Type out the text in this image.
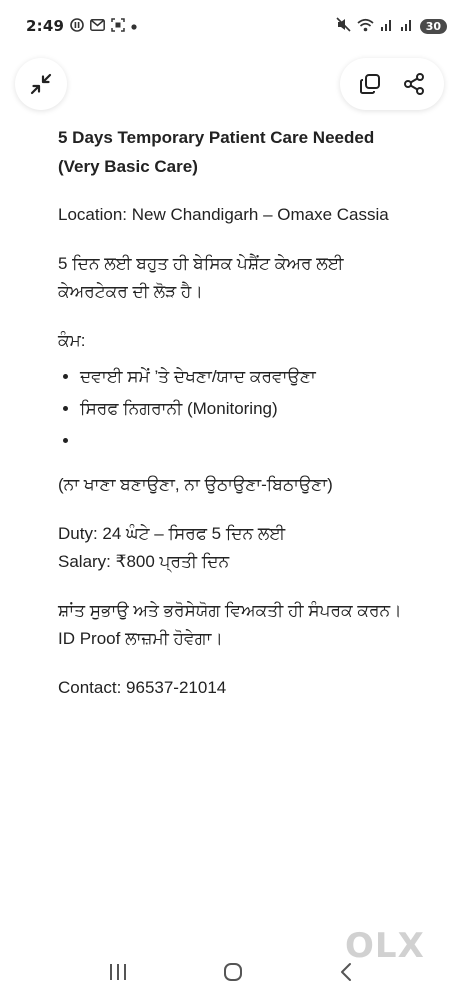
2:49	30

5 Days Temporary Patient Care Needed (Very Basic Care)

Location: New Chandigarh – Omaxe Cassia

5 ਦਿਨ ਲਈ ਬਹੁਤ ਹੀ ਬੇਸਿਕ ਪੇਸ਼ੈਂਟ ਕੇਅਰ ਲਈ ਕੇਅਰਟੇਕਰ ਦੀ ਲੋੜ ਹੈ।

ਕੰਮ:

• ਦਵਾਈ ਸਮੇਂ ’ਤੇ ਦੇਖਣਾ/ਯਾਦ ਕਰਵਾਉਣਾ
• ਸਿਰਫ ਨਿਗਰਾਨੀ (Monitoring)
•

(ਨਾ ਖਾਣਾ ਬਣਾਉਣਾ, ਨਾ ਉਠਾਉਣਾ-ਬਿਠਾਉਣਾ)

Duty: 24 ਘੰਟੇ – ਸਿਰਫ 5 ਦਿਨ ਲਈ

Salary: ₹800 ਪ੍ਰਤੀ ਦਿਨ

ਸ਼ਾਂਤ ਸੁਭਾਉ ਅਤੇ ਭਰੋਸੇਯੋਗ ਵਿਅਕਤੀ ਹੀ ਸੰਪਰਕ ਕਰਨ।

ID Proof ਲਾਜ਼ਮੀ ਹੋਵੇਗਾ।

Contact: 96537-21014

OLX
